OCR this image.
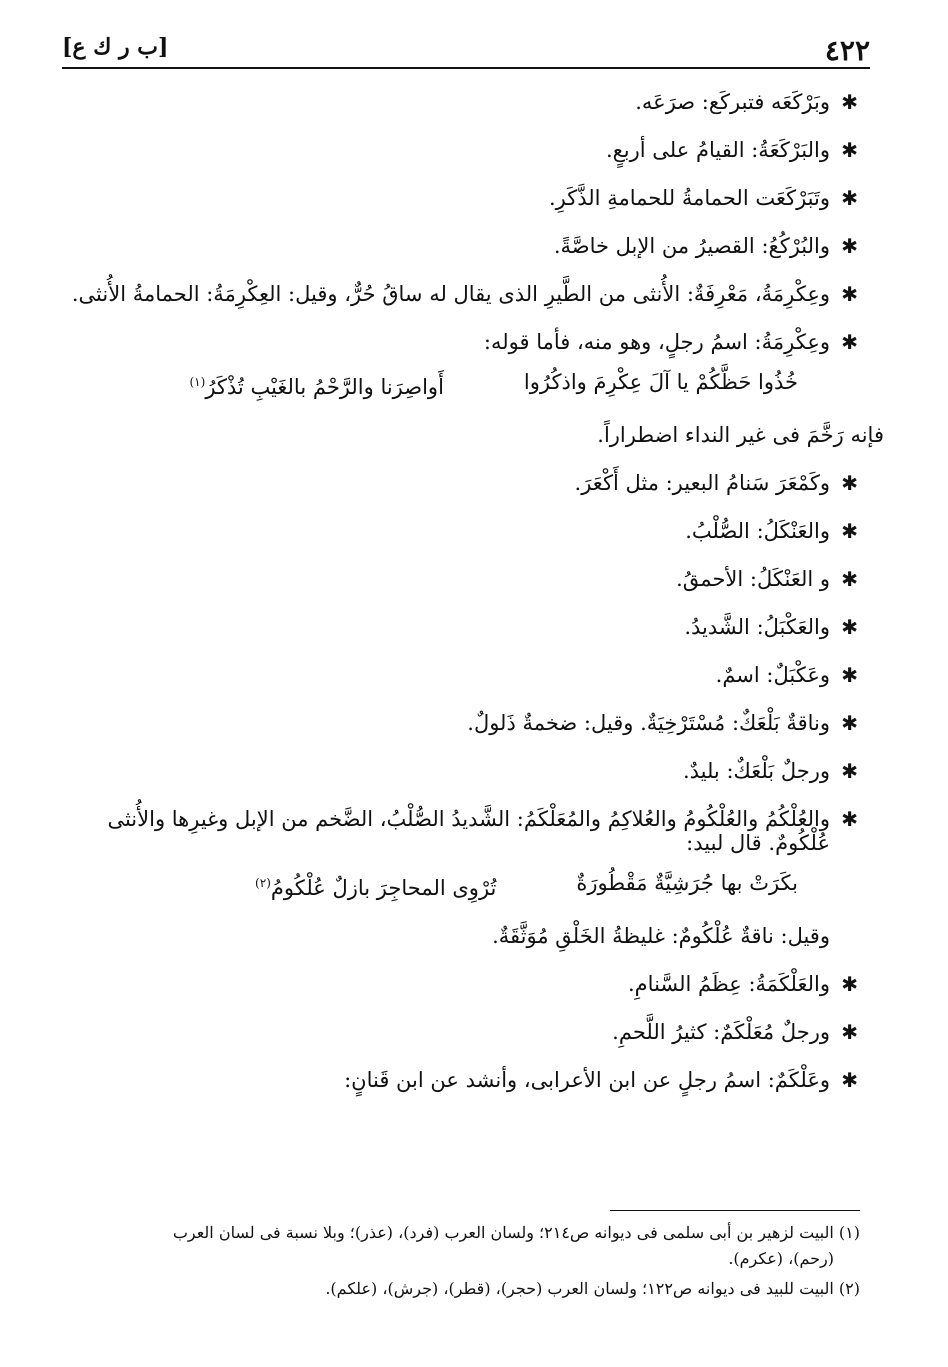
٤٢٢
[ب ر ك ع]
✱
وبَرْكَعَه فتبركَع: صرَعَه.
✱
والبَرْكَعَةُ: القيامُ على أربعٍ.
✱
وتَبَرْكَعَت الحمامةُ للحمامةِ الذَّكَرِ.
✱
والبُرْكُعُ: القصيرُ من الإبل خاصَّةً.
✱
وعِكْرِمَةُ، مَعْرِفَةٌ: الأُنثى من الطَّيرِ الذى يقال له ساقُ حُرٌّ، وقيل: العِكْرِمَةُ: الحمامةُ الأُنثى.
✱
وعِكْرِمَةُ: اسمُ رجلٍ، وهو منه، فأما قوله:
خُذُوا حَظَّكُمْ يا آلَ عِكْرِمَ واذكُرُوا
أَواصِرَنا والرَّحْمُ بالغَيْبِ تُذْكَرُ$^{(١)}$
فإنه رَخَّمَ فى غير النداء اضطراراً.
✱
وكَمْعَرَ سَنامُ البعير: مثل أَكْعَرَ.
✱
والعَنْكَلُ: الصُّلْبُ.
✱
و العَنْكَلُ: الأحمقُ.
✱
والعَكْبَلُ: الشَّديدُ.
✱
وعَكْبَلٌ: اسمٌ.
✱
وناقةٌ بَلْعَكٌ: مُسْتَرْخِيَةٌ. وقيل: ضخمةٌ ذَلولٌ.
✱
ورجلٌ بَلْعَكٌ: بليدٌ.
✱
والعُلْكُمُ والعُلْكُومُ والعُلاكِمُ والمُعَلْكَمُ: الشَّديدُ الصُّلْبُ، الضَّخم من الإبل وغيرِها والأُنثى عُلْكُومٌ. قال لبيد:
بكَرَتْ بها جُرَشِيَّةٌ مَقْطُورَةٌ
تُرْوِى المحاجِرَ بازلٌ عُلْكُومُ$^{(٢)}$
وقيل: ناقةٌ عُلْكُومٌ: غليظةُ الخَلْقِ مُوَثَّقَةٌ.
✱
والعَلْكَمَةُ: عِظَمُ السَّنامِ.
✱
ورجلٌ مُعَلْكَمٌ: كثيرُ اللَّحمِ.
✱
وعَلْكَمٌ: اسمُ رجلٍ عن ابن الأعرابى، وأنشد عن ابن قَنانٍ:
(١) البيت لزهير بن أبى سلمى فى ديوانه ص٢١٤؛ ولسان العرب (فرد)، (عذر)؛ وبلا نسبة فى لسان العرب
(رحم)، (عكرم).
(٢) البيت للبيد فى ديوانه ص١٢٢؛ ولسان العرب (حجر)، (قطر)، (جرش)، (علكم).
